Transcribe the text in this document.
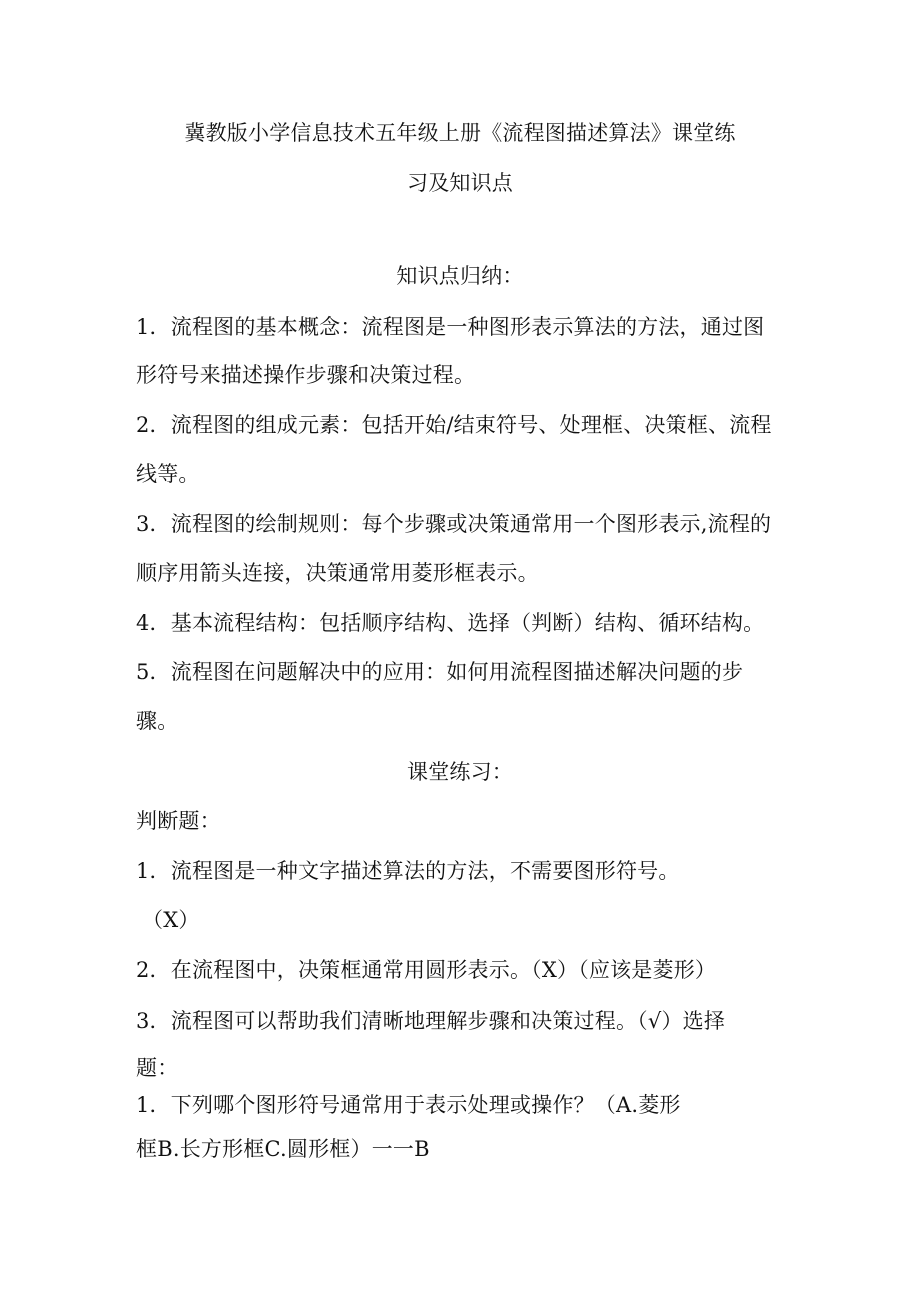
冀教版小学信息技术五年级上册《流程图描述算法》课堂练
习及知识点
知识点归纳：
1．流程图的基本概念：流程图是一种图形表示算法的方法，通过图
形符号来描述操作步骤和决策过程。
2．流程图的组成元素：包括开始/结束符号、处理框、决策框、流程
线等。
3．流程图的绘制规则：每个步骤或决策通常用一个图形表示,流程的
顺序用箭头连接，决策通常用菱形框表示。
4．基本流程结构：包括顺序结构、选择（判断）结构、循环结构。
5．流程图在问题解决中的应用：如何用流程图描述解决问题的步
骤。
课堂练习：
判断题：
1．流程图是一种文字描述算法的方法，不需要图形符号。
（X）
2．在流程图中，决策框通常用圆形表示。（X）（应该是菱形）
3．流程图可以帮助我们清晰地理解步骤和决策过程。（√）选择
题：
1．下列哪个图形符号通常用于表示处理或操作？（A.菱形
框B.长方形框C.圆形框）一一B
